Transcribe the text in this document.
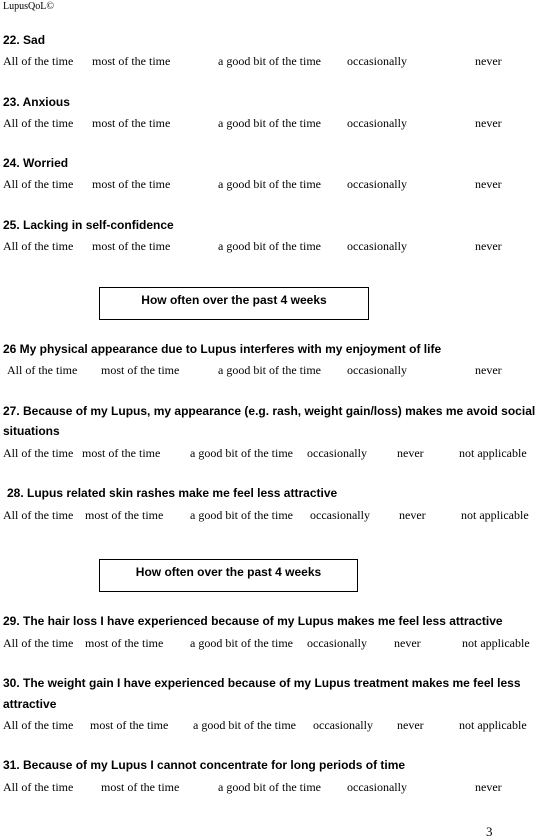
LupusQoL©
22. Sad
All of the time most of the time	a good bit of the time occasionally	never
23. Anxious
All of the time most of the time	a good bit of the time occasionally	never
24. Worried
All of the time most of the time	a good bit of the time occasionally	never
25. Lacking in self-confidence
All of the time most of the time	a good bit of the time occasionally	never
How often over the past 4 weeks
26 My physical appearance due to Lupus interferes with my enjoyment of life
All of the time most of the time	a good bit of the time occasionally	never
27. Because of my Lupus, my appearance (e.g. rash, weight gain/loss) makes me avoid social
situations
All of the time most of the time a good bit of the time occasionally	never	not applicable
28. Lupus related skin rashes make me feel less attractive
All of the time most of the time a good bit of the time occasionally never	not applicable
How often over the past 4 weeks
29. The hair loss I have experienced because of my Lupus makes me feel less attractive
All of the time most of the time a good bit of the time occasionally never	not applicable
30. The weight gain I have experienced because of my Lupus treatment makes me feel less
attractive
All of the time most of the time a good bit of the time occasionally never	not applicable
31. Because of my Lupus I cannot concentrate for long periods of time
All of the time most of the time	a good bit of the time occasionally	never
3
